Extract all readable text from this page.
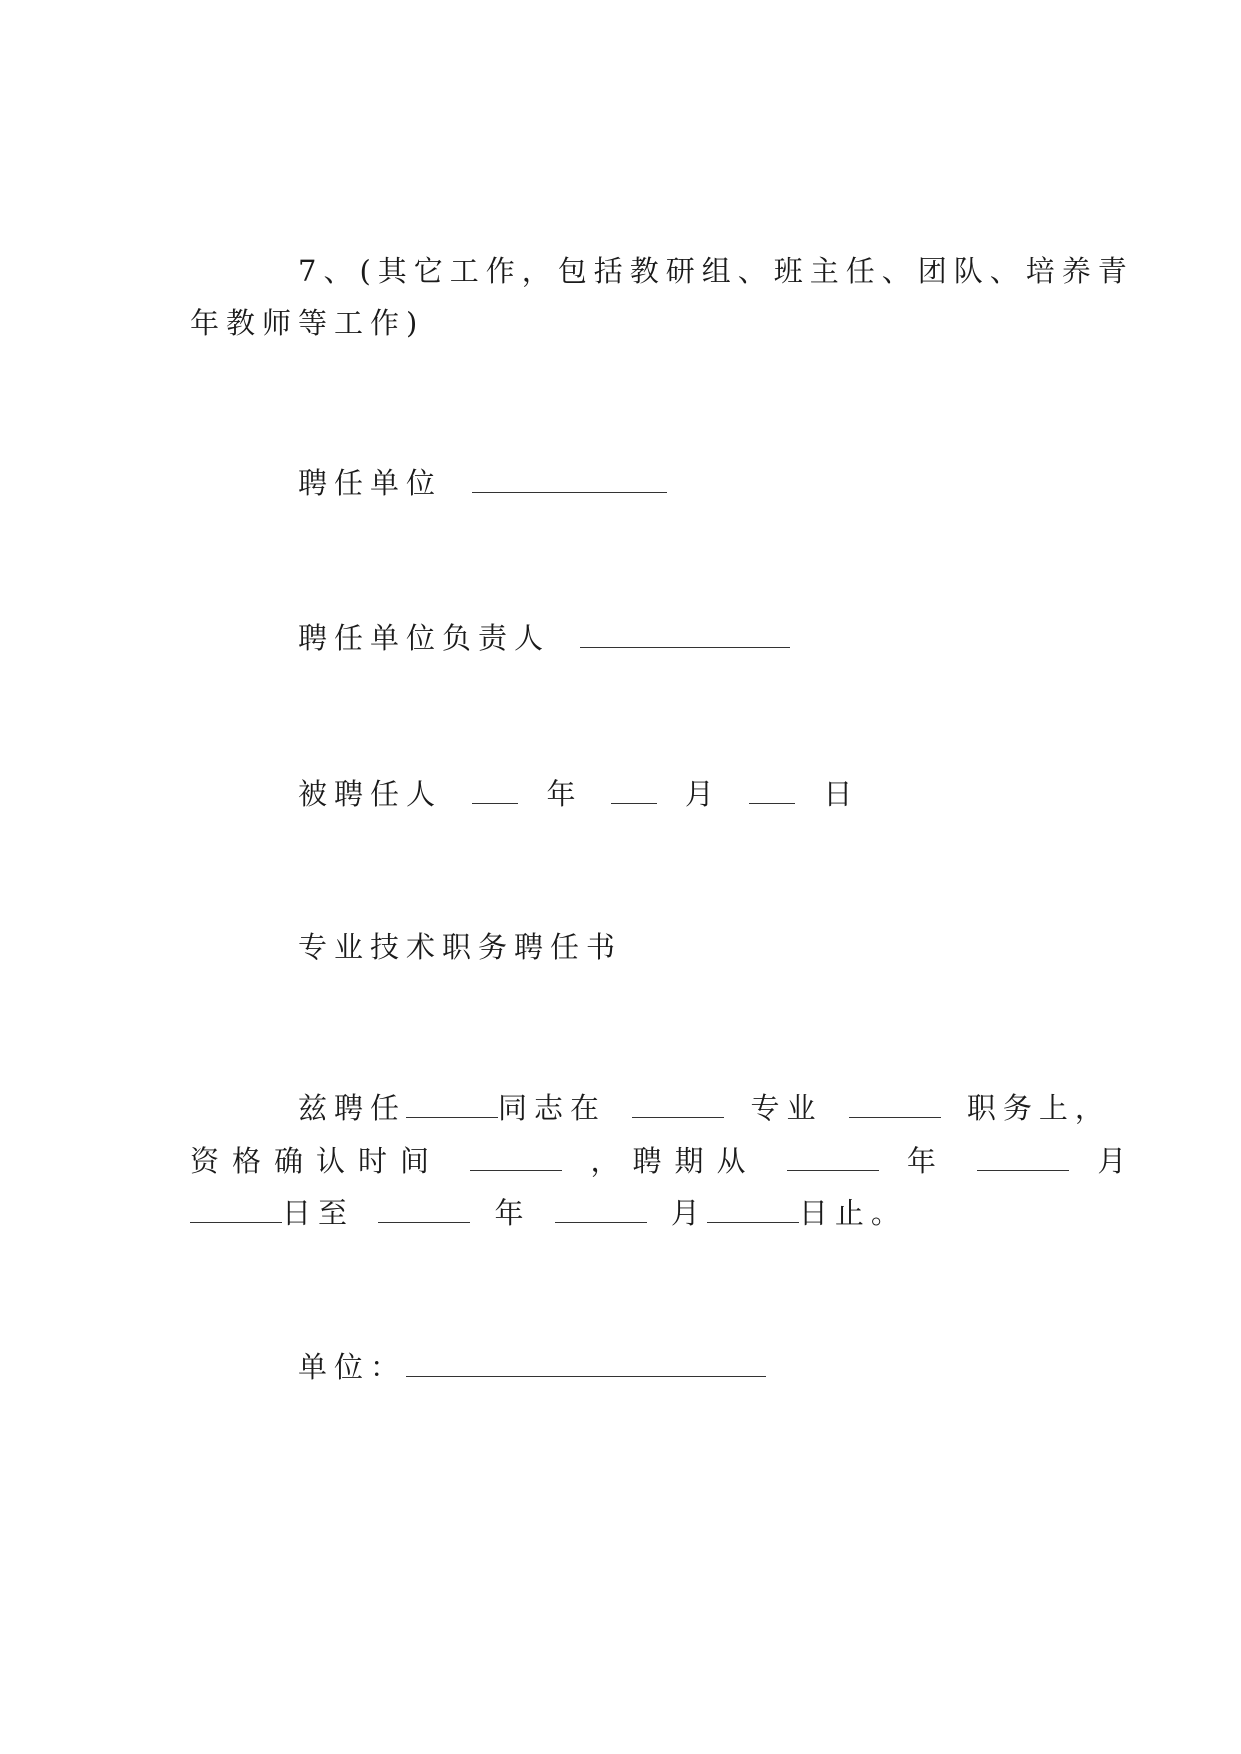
7、(其它工作，包括教研组、班主任、团队、培养青
年教师等工作)
聘任单位
聘任单位负责人
被聘任人	年	月	日
专业技术职务聘任书
兹聘任	同志在	专业	职务上，
资格确认时间	，聘期从	年	月
日至	年	月	日止。
单位：
